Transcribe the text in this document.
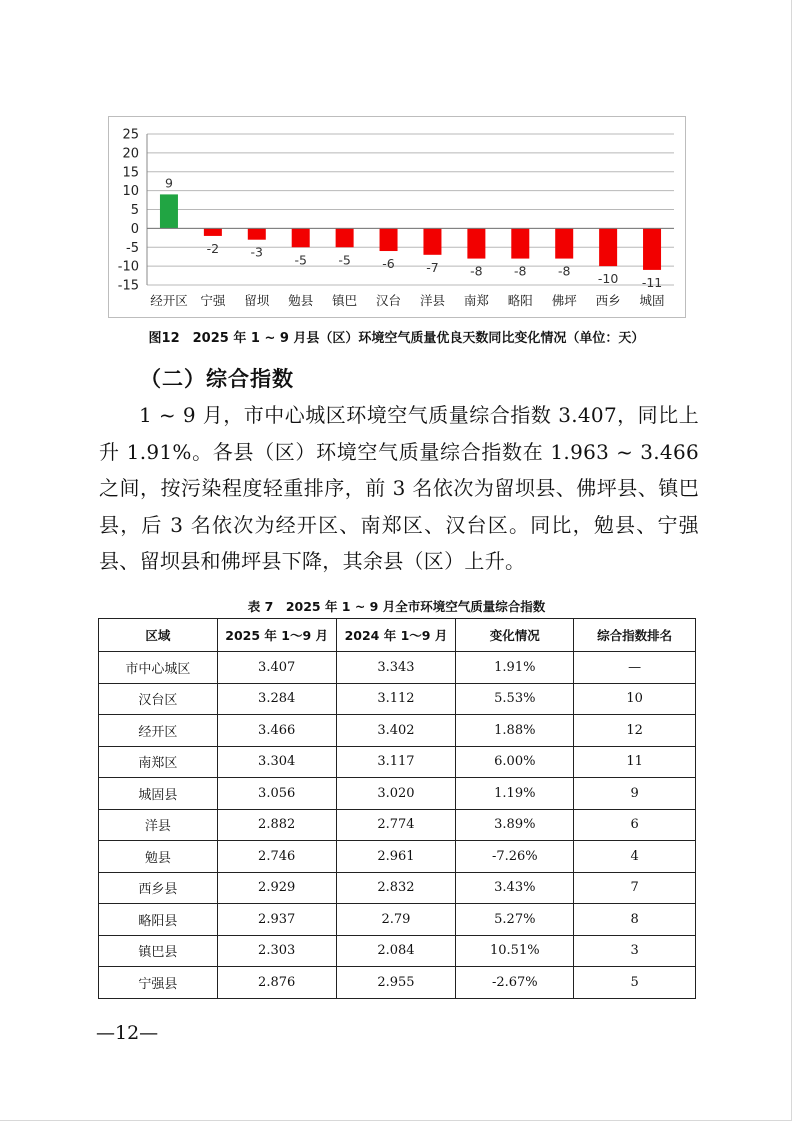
25
20
15
10
5
0
-5
-10
-15
9
经开区
-2
宁强
-3
留坝
-5
勉县
-5
镇巴
-6
汉台
-7
洋县
-8
南郑
-8
略阳
-8
佛坪
-10
西乡
-11
城固
图12　2025 年 1 ~ 9 月县（区）环境空气质量优良天数同比变化情况（单位：天）
（二）综合指数
1 ~ 9 月，市中心城区环境空气质量综合指数 3.407，同比上升 1.91%。各县（区）环境空气质量综合指数在 1.963 ~ 3.466 之间，按污染程度轻重排序，前 3 名依次为留坝县、佛坪县、镇巴县，后 3 名依次为经开区、南郑区、汉台区。同比，勉县、宁强县、留坝县和佛坪县下降，其余县（区）上升。
表 7　2025 年 1 ~ 9 月全市环境空气质量综合指数
区域	2025 年 1～9 月	2024 年 1～9 月	变化情况	综合指数排名
市中心城区	3.407	3.343	1.91%	—
汉台区	3.284	3.112	5.53%	10
经开区	3.466	3.402	1.88%	12
南郑区	3.304	3.117	6.00%	11
城固县	3.056	3.020	1.19%	9
洋县	2.882	2.774	3.89%	6
勉县	2.746	2.961	-7.26%	4
西乡县	2.929	2.832	3.43%	7
略阳县	2.937	2.79	5.27%	8
镇巴县	2.303	2.084	10.51%	3
宁强县	2.876	2.955	-2.67%	5
—12—
